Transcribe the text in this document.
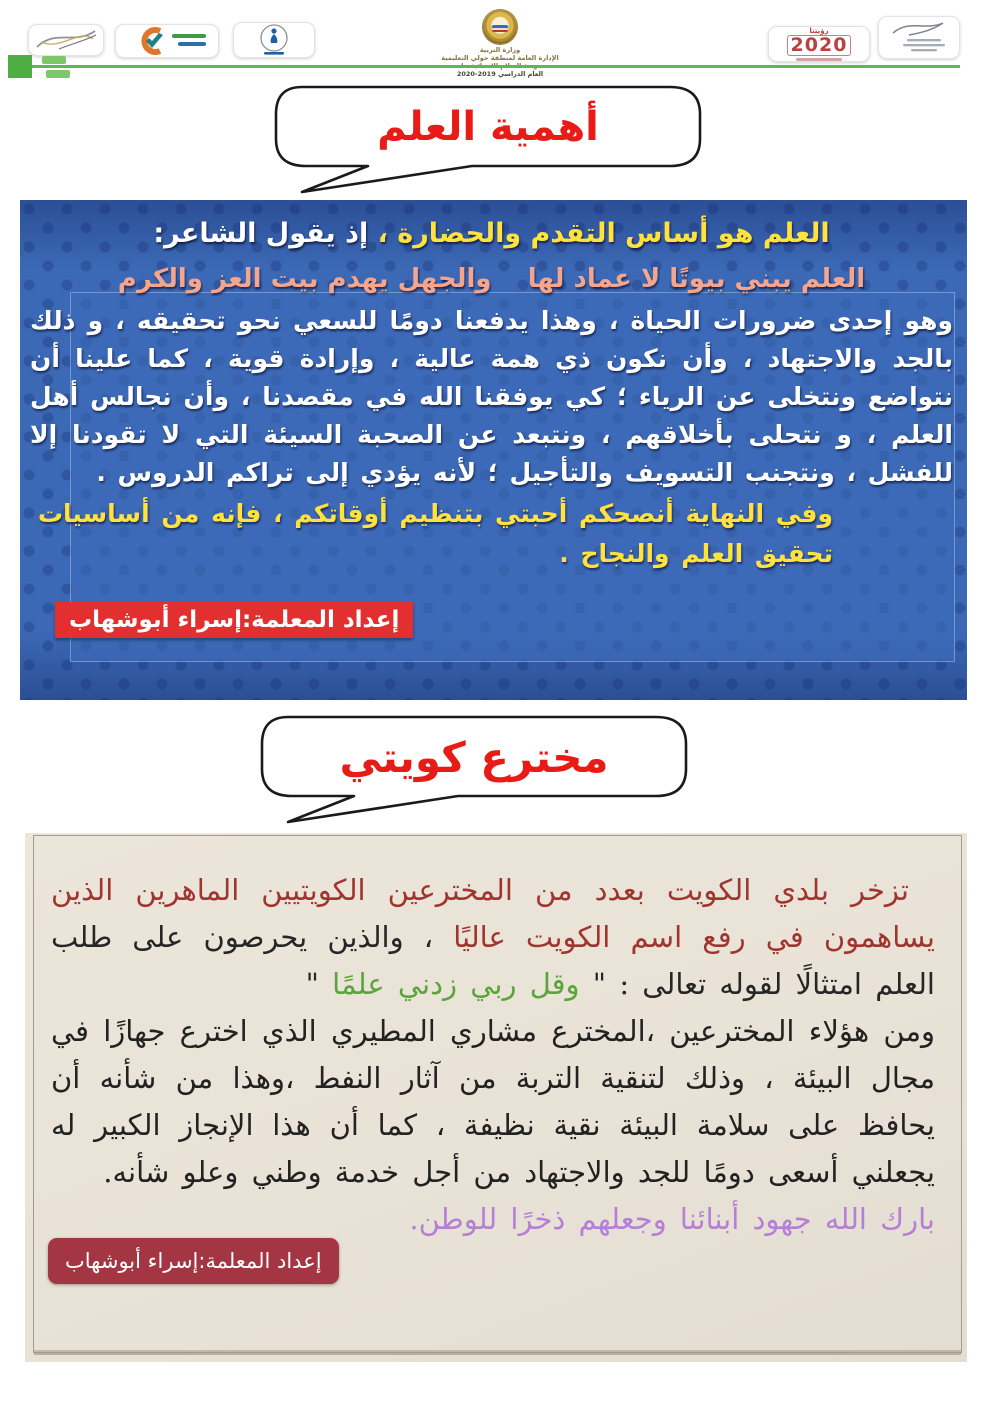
وزارة التربية
الإدارة العامة لمنطقة حولي التعليمية
العام الدراسي 2019-2020
رؤيتنا
2020
أهمية العلم

العلم هو أساس التقدم والحضارة ، إذ يقول الشاعر:

العلم يبني بيوتًا لا عماد لها    والجهل يهدم بيت العز والكرم

وهو إحدى ضرورات الحياة ، وهذا يدفعنا دومًا للسعي نحو تحقيقه ، و ذلك بالجد والاجتهاد ، وأن نكون ذي همة عالية ، وإرادة قوية ، كما علينا أن نتواضع ونتخلى عن الرياء ؛ كي يوفقنا الله في مقصدنا ، وأن نجالس أهل العلم ، و نتحلى بأخلاقهم ، ونتبعد عن الصحبة السيئة التي لا تقودنا إلا للفشل ، ونتجنب التسويف والتأجيل ؛ لأنه يؤدي إلى تراكم الدروس .

وفي النهاية أنصحكم أحبتي بتنظيم أوقاتكم ، فإنه من أساسيات تحقيق العلم والنجاح .

إعداد المعلمة:إسراء أبوشهاب
مخترع كويتي

تزخر بلدي الكويت بعدد من المخترعين الكويتيين الماهرين الذين يساهمون في رفع اسم الكويت عاليًا ، والذين يحرصون على طلب العلم امتثالًا لقوله تعالى : " وقل ربي زدني علمًا "

ومن هؤلاء المخترعين ،المخترع مشاري المطيري الذي اخترع جهازًا في مجال البيئة ، وذلك لتنقية التربة من آثار النفط ،وهذا من شأنه أن يحافظ على سلامة البيئة نقية نظيفة ، كما أن هذا الإنجاز الكبير له يجعلني أسعى دومًا للجد والاجتهاد من أجل خدمة وطني وعلو شأنه.

بارك الله جهود أبنائنا وجعلهم ذخرًا للوطن.

إعداد المعلمة:إسراء أبوشهاب
